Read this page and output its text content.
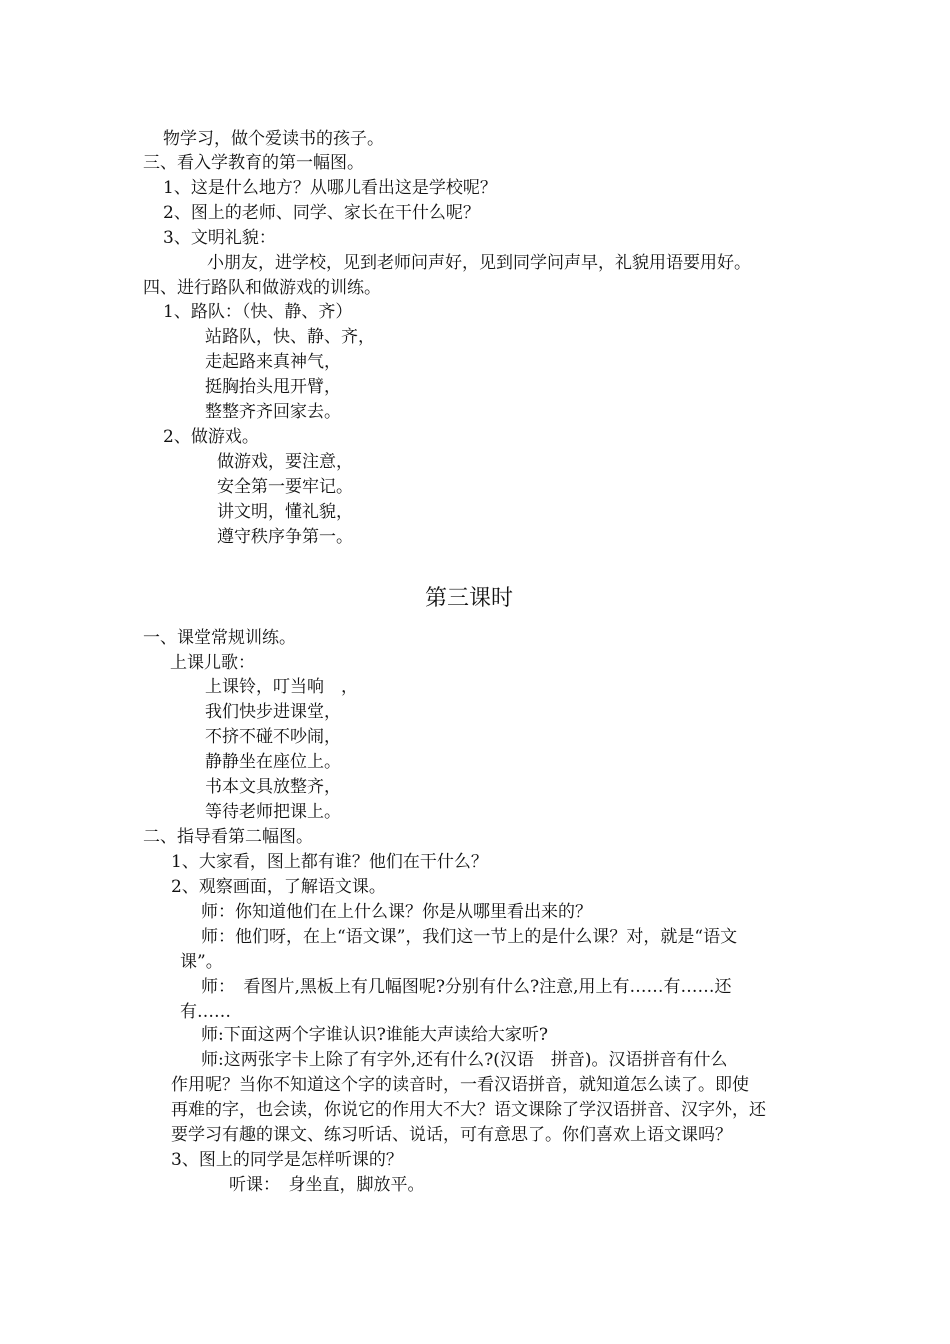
物学习，做个爱读书的孩子。
三、看入学教育的第一幅图。
1、这是什么地方？从哪儿看出这是学校呢？
2、图上的老师、同学、家长在干什么呢？
3、文明礼貌：
小朋友，进学校，见到老师问声好，见到同学问声早，礼貌用语要用好。
四、进行路队和做游戏的训练。
1、路队：（快、静、齐）
站路队，快、静、齐，
走起路来真神气，
挺胸抬头甩开臂，
整整齐齐回家去。
2、做游戏。
做游戏，要注意，
安全第一要牢记。
讲文明，懂礼貌，
遵守秩序争第一。
第三课时
一、课堂常规训练。
上课儿歌：
上课铃，叮当响　，
我们快步进课堂，
不挤不碰不吵闹，
静静坐在座位上。
书本文具放整齐，
等待老师把课上。
二、指导看第二幅图。
1、大家看，图上都有谁？他们在干什么？
2、观察画面，了解语文课。
师：你知道他们在上什么课？你是从哪里看出来的？
师：他们呀，在上“语文课”，我们这一节上的是什么课？对，就是“语文
课”。
师：　看图片,黑板上有几幅图呢?分别有什么?注意,用上有……有……还
有……
师:下面这两个字谁认识?谁能大声读给大家听?
师:这两张字卡上除了有字外,还有什么?(汉语　拼音)。汉语拼音有什么
作用呢？当你不知道这个字的读音时，一看汉语拼音，就知道怎么读了。即使
再难的字，也会读，你说它的作用大不大？语文课除了学汉语拼音、汉字外，还
要学习有趣的课文、练习听话、说话，可有意思了。你们喜欢上语文课吗？
3、图上的同学是怎样听课的？
听课：　身坐直，脚放平。
